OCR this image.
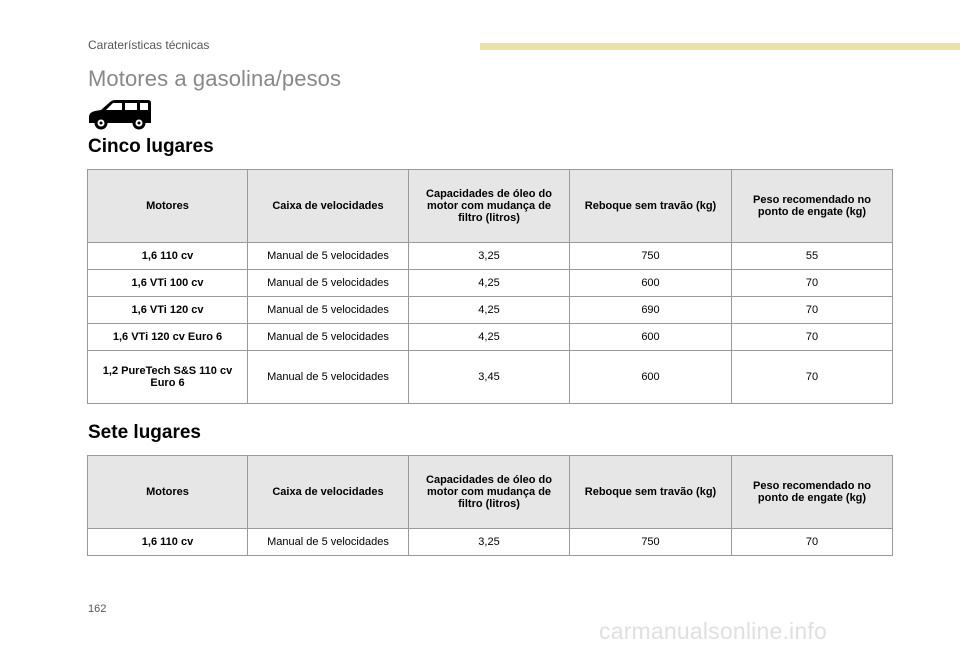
Caraterísticas técnicas
Motores a gasolina/pesos
Cinco lugares
Motores	Caixa de velocidades	Capacidades de óleo do motor com mudança de filtro (litros)	Reboque sem travão (kg)	Peso recomendado no ponto de engate (kg)
1,6 110 cv	Manual de 5 velocidades	3,25	750	55
1,6 VTi 100 cv	Manual de 5 velocidades	4,25	600	70
1,6 VTi 120 cv	Manual de 5 velocidades	4,25	690	70
1,6 VTi 120 cv Euro 6	Manual de 5 velocidades	4,25	600	70
1,2 PureTech S&S 110 cv Euro 6	Manual de 5 velocidades	3,45	600	70
Sete lugares
Motores	Caixa de velocidades	Capacidades de óleo do motor com mudança de filtro (litros)	Reboque sem travão (kg)	Peso recomendado no ponto de engate (kg)
1,6 110 cv	Manual de 5 velocidades	3,25	750	70
162
carmanualsonline.info
